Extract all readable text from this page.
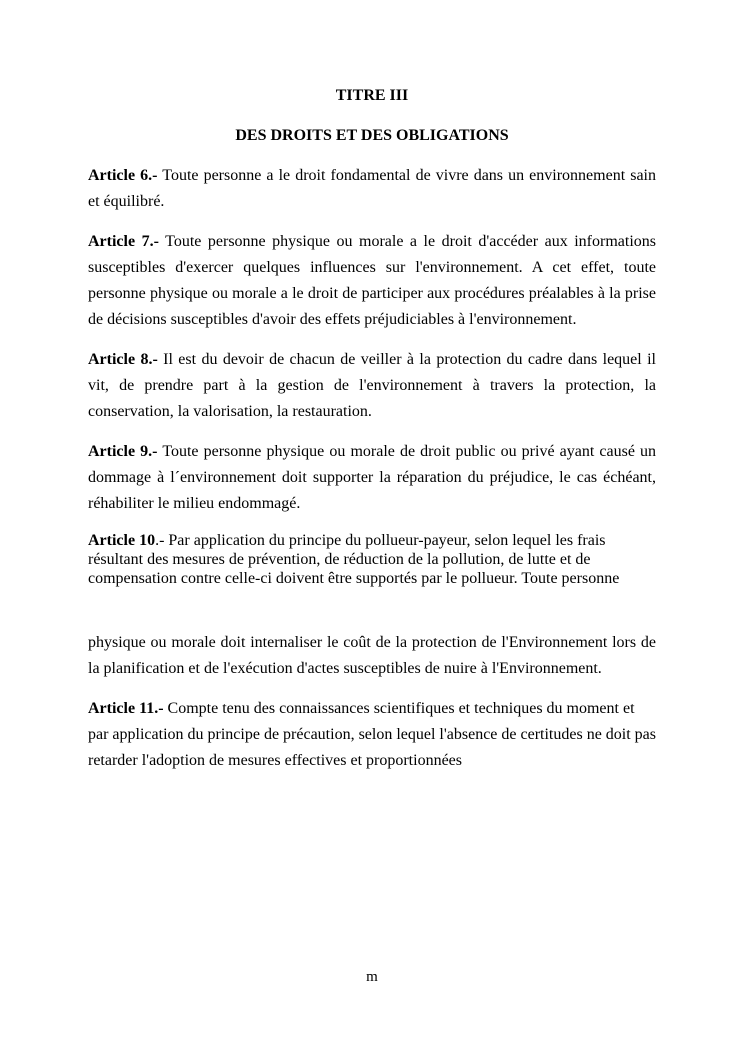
TITRE III
DES DROITS ET DES OBLIGATIONS

Article 6.- Toute personne a le droit fondamental de vivre dans un environnement sain et équilibré.

Article 7.- Toute personne physique ou morale a le droit d'accéder aux informations susceptibles d'exercer quelques influences sur l'environnement. A cet effet, toute personne physique ou morale a le droit de participer aux procédures préalables à la prise de décisions susceptibles d'avoir des effets préjudiciables à l'environnement.

Article 8.- Il est du devoir de chacun de veiller à la protection du cadre dans lequel il vit, de prendre part à la gestion de l'environnement à travers la protection, la conservation, la valorisation, la restauration.

Article 9.- Toute personne physique ou morale de droit public ou privé ayant causé un dommage à l´environnement doit supporter la réparation du préjudice, le cas échéant, réhabiliter le milieu endommagé.

Article 10.- Par application du principe du pollueur-payeur, selon lequel les frais résultant des mesures de prévention, de réduction de la pollution, de lutte et de compensation contre celle-ci doivent être supportés par le pollueur. Toute personne

physique ou morale doit internaliser le coût de la protection de l'Environnement lors de la planification et de l'exécution d'actes susceptibles de nuire à l'Environnement.

Article 11.- Compte tenu des connaissances scientifiques et techniques du moment et par application du principe de précaution, selon lequel l'absence de certitudes ne doit pas retarder l'adoption de mesures effectives et proportionnées

m
